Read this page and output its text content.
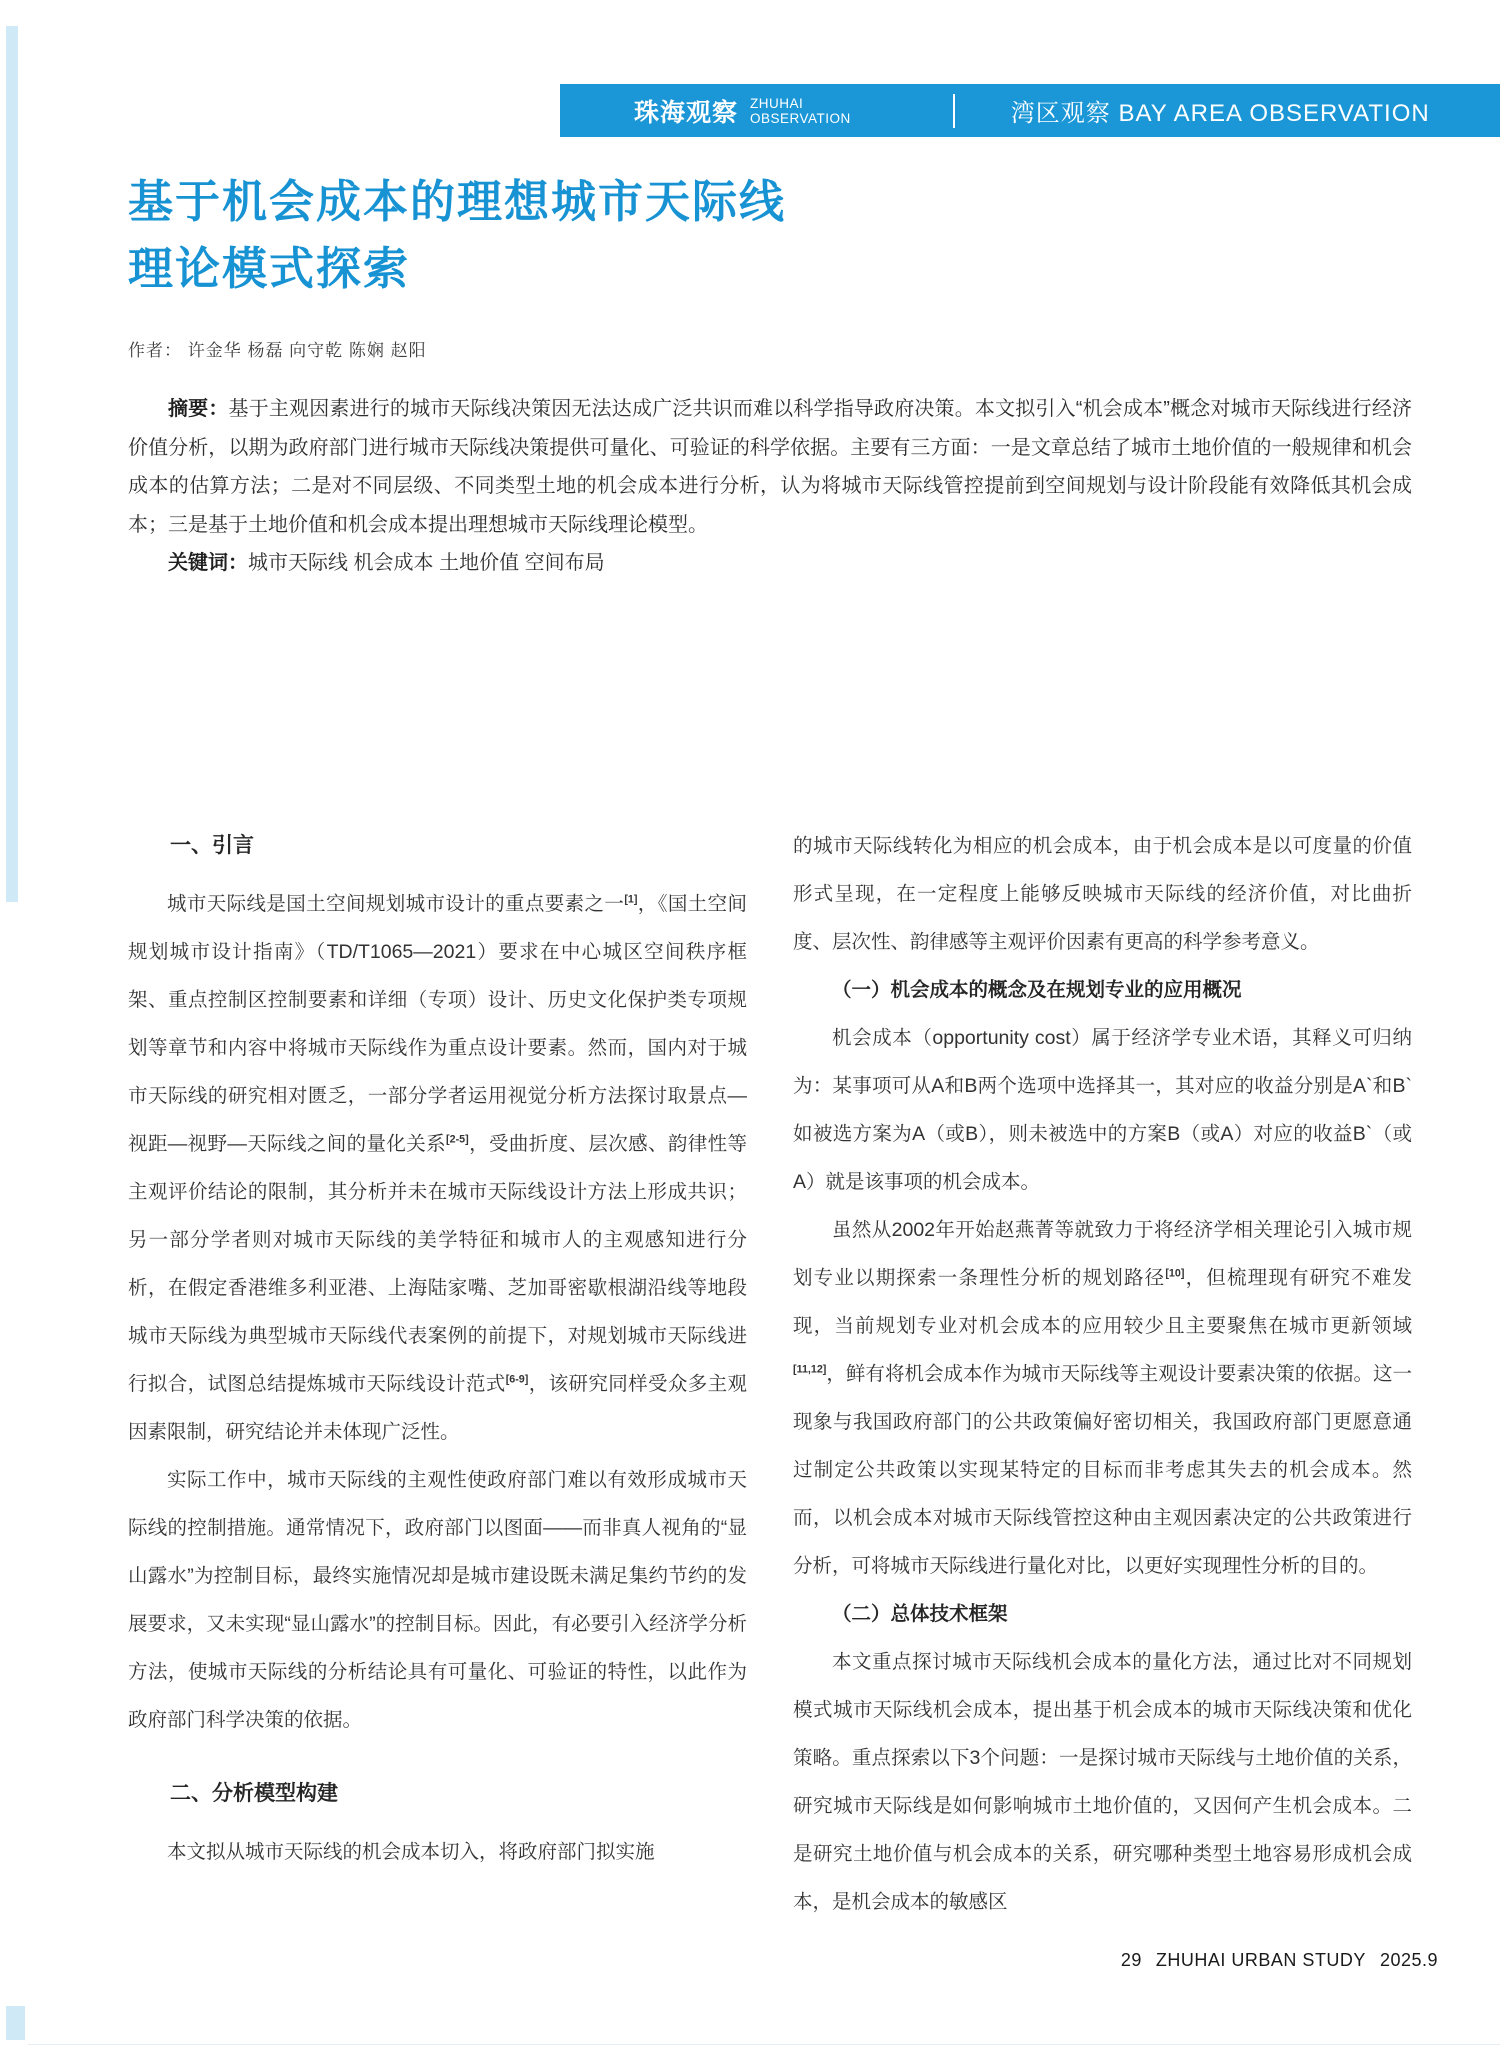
珠海观察 ZHUHAI
OBSERVATION	湾区观察 BAY AREA OBSERVATION
基于机会成本的理想城市天际线
理论模式探索
作者： 许金华 杨磊 向守乾 陈娴 赵阳

摘要：基于主观因素进行的城市天际线决策因无法达成广泛共识而难以科学指导政府决策。本文拟引入“机会成本”概念对城市天际线进行经济价值分析，以期为政府部门进行城市天际线决策提供可量化、可验证的科学依据。主要有三方面：一是文章总结了城市土地价值的一般规律和机会成本的估算方法；二是对不同层级、不同类型土地的机会成本进行分析，认为将城市天际线管控提前到空间规划与设计阶段能有效降低其机会成本；三是基于土地价值和机会成本提出理想城市天际线理论模型。

关键词：城市天际线 机会成本 土地价值 空间布局

一、引言

城市天际线是国土空间规划城市设计的重点要素之一[1]，《国土空间规划城市设计指南》（TD/T1065—2021）要求在中心城区空间秩序框架、重点控制区控制要素和详细（专项）设计、历史文化保护类专项规划等章节和内容中将城市天际线作为重点设计要素。然而，国内对于城市天际线的研究相对匮乏，一部分学者运用视觉分析方法探讨取景点—视距—视野—天际线之间的量化关系[2-5]，受曲折度、层次感、韵律性等主观评价结论的限制，其分析并未在城市天际线设计方法上形成共识；另一部分学者则对城市天际线的美学特征和城市人的主观感知进行分析，在假定香港维多利亚港、上海陆家嘴、芝加哥密歇根湖沿线等地段城市天际线为典型城市天际线代表案例的前提下，对规划城市天际线进行拟合，试图总结提炼城市天际线设计范式[6-9]，该研究同样受众多主观因素限制，研究结论并未体现广泛性。

实际工作中，城市天际线的主观性使政府部门难以有效形成城市天际线的控制措施。通常情况下，政府部门以图面——而非真人视角的“显山露水”为控制目标，最终实施情况却是城市建设既未满足集约节约的发展要求，又未实现“显山露水”的控制目标。因此，有必要引入经济学分析方法，使城市天际线的分析结论具有可量化、可验证的特性，以此作为政府部门科学决策的依据。

二、分析模型构建

本文拟从城市天际线的机会成本切入，将政府部门拟实施

的城市天际线转化为相应的机会成本，由于机会成本是以可度量的价值形式呈现，在一定程度上能够反映城市天际线的经济价值，对比曲折度、层次性、韵律感等主观评价因素有更高的科学参考意义。

（一）机会成本的概念及在规划专业的应用概况

机会成本（opportunity cost）属于经济学专业术语，其释义可归纳为：某事项可从A和B两个选项中选择其一，其对应的收益分别是A`和B`如被选方案为A（或B），则未被选中的方案B（或A）对应的收益B`（或A）就是该事项的机会成本。

虽然从2002年开始赵燕菁等就致力于将经济学相关理论引入城市规划专业以期探索一条理性分析的规划路径[10]，但梳理现有研究不难发现，当前规划专业对机会成本的应用较少且主要聚焦在城市更新领域[11,12]，鲜有将机会成本作为城市天际线等主观设计要素决策的依据。这一现象与我国政府部门的公共政策偏好密切相关，我国政府部门更愿意通过制定公共政策以实现某特定的目标而非考虑其失去的机会成本。然而，以机会成本对城市天际线管控这种由主观因素决定的公共政策进行分析，可将城市天际线进行量化对比，以更好实现理性分析的目的。

（二）总体技术框架

本文重点探讨城市天际线机会成本的量化方法，通过比对不同规划模式城市天际线机会成本，提出基于机会成本的城市天际线决策和优化策略。重点探索以下3个问题：一是探讨城市天际线与土地价值的关系，研究城市天际线是如何影响城市土地价值的，又因何产生机会成本。二是研究土地价值与机会成本的关系，研究哪种类型土地容易形成机会成本，是机会成本的敏感区

29 ZHUHAI URBAN STUDY 2025.9
